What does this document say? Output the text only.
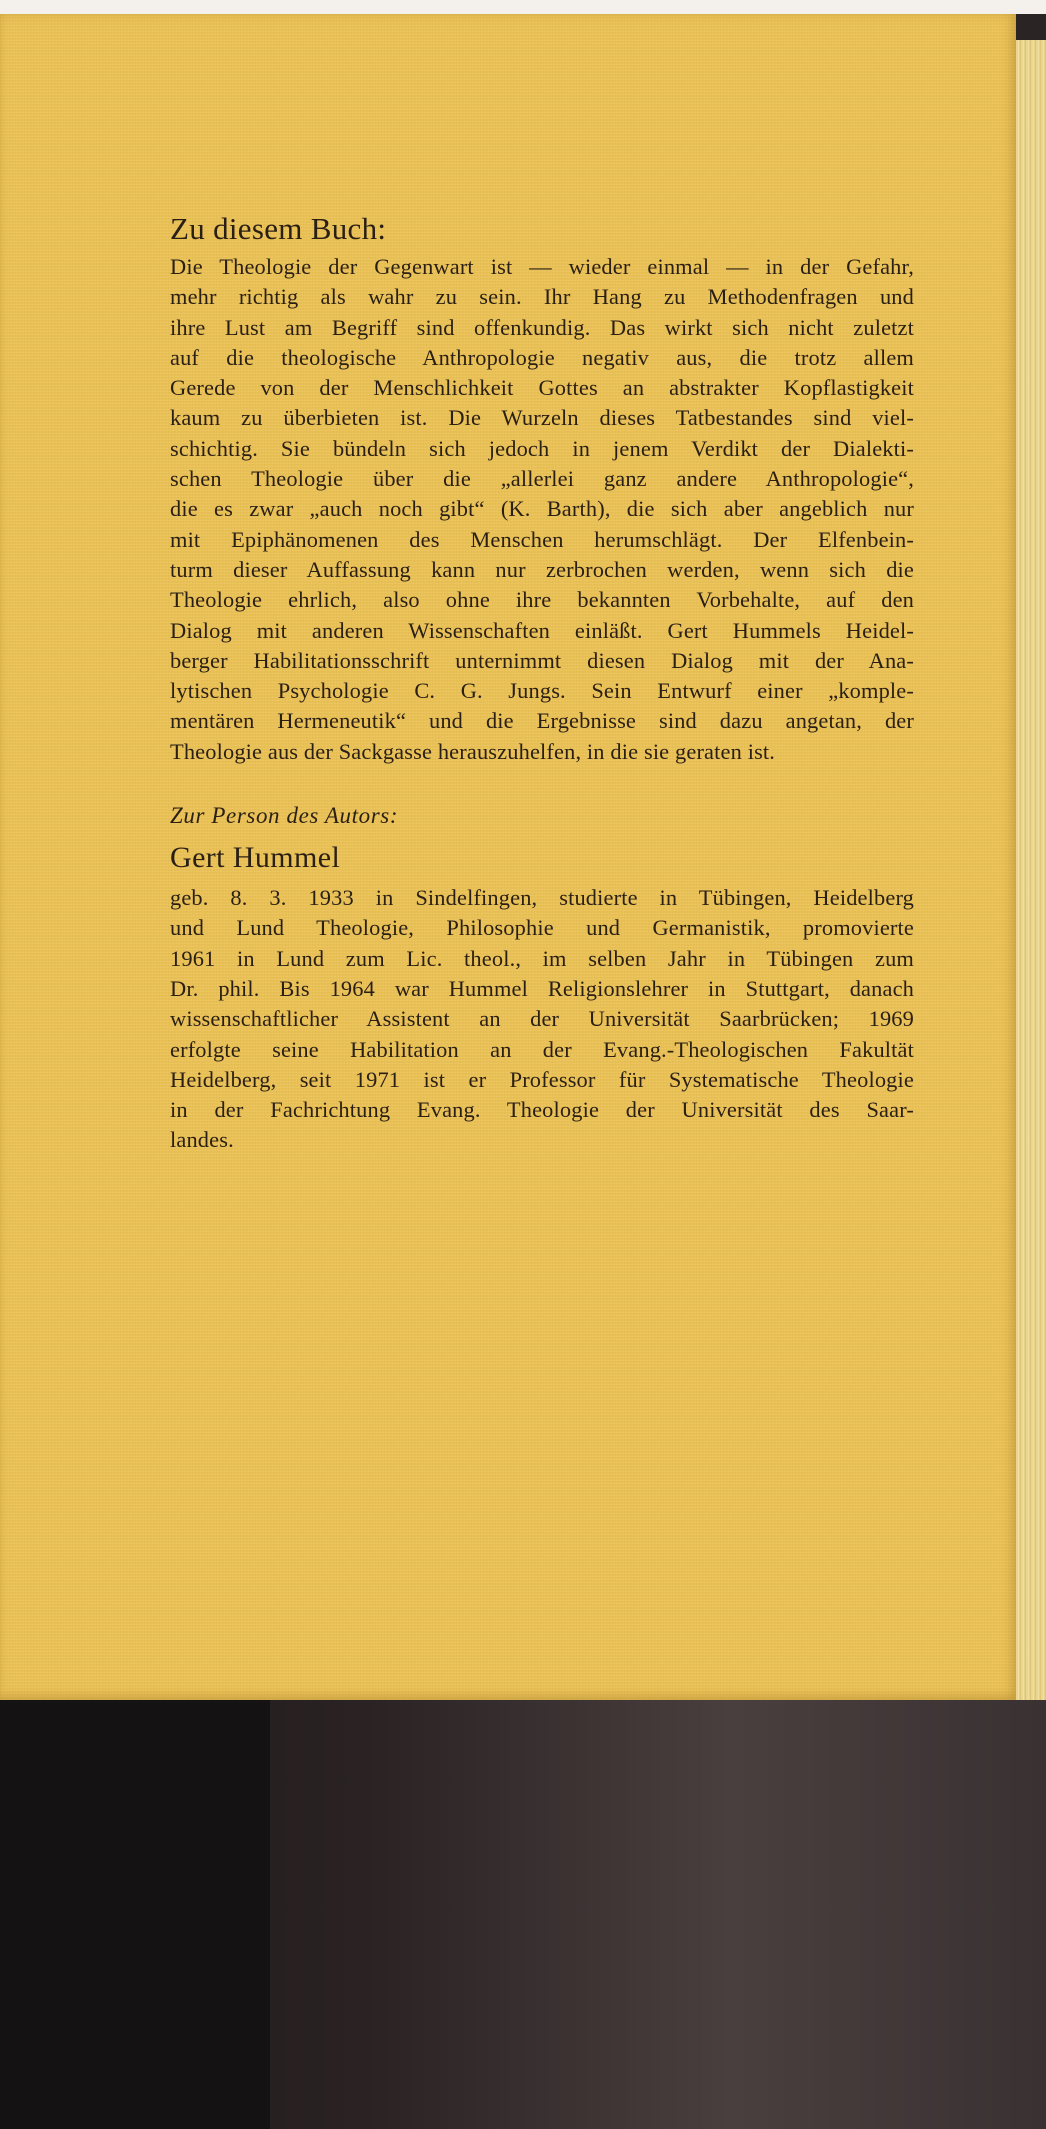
Zu diesem Buch:
Die Theologie der Gegenwart ist — wieder einmal — in der Gefahr,
mehr richtig als wahr zu sein. Ihr Hang zu Methodenfragen und
ihre Lust am Begriff sind offenkundig. Das wirkt sich nicht zuletzt
auf die theologische Anthropologie negativ aus, die trotz allem
Gerede von der Menschlichkeit Gottes an abstrakter Kopflastigkeit
kaum zu überbieten ist. Die Wurzeln dieses Tatbestandes sind viel-
schichtig. Sie bündeln sich jedoch in jenem Verdikt der Dialekti-
schen Theologie über die „allerlei ganz andere Anthropologie“,
die es zwar „auch noch gibt“ (K. Barth), die sich aber angeblich nur
mit Epiphänomenen des Menschen herumschlägt. Der Elfenbein-
turm dieser Auffassung kann nur zerbrochen werden, wenn sich die
Theologie ehrlich, also ohne ihre bekannten Vorbehalte, auf den
Dialog mit anderen Wissenschaften einläßt. Gert Hummels Heidel-
berger Habilitationsschrift unternimmt diesen Dialog mit der Ana-
lytischen Psychologie C. G. Jungs. Sein Entwurf einer „komple-
mentären Hermeneutik“ und die Ergebnisse sind dazu angetan, der
Theologie aus der Sackgasse herauszuhelfen, in die sie geraten ist.
Zur Person des Autors:
Gert Hummel
geb. 8. 3. 1933 in Sindelfingen, studierte in Tübingen, Heidelberg
und Lund Theologie, Philosophie und Germanistik, promovierte
1961 in Lund zum Lic. theol., im selben Jahr in Tübingen zum
Dr. phil. Bis 1964 war Hummel Religionslehrer in Stuttgart, danach
wissenschaftlicher Assistent an der Universität Saarbrücken; 1969
erfolgte seine Habilitation an der Evang.-Theologischen Fakultät
Heidelberg, seit 1971 ist er Professor für Systematische Theologie
in der Fachrichtung Evang. Theologie der Universität des Saar-
landes.
